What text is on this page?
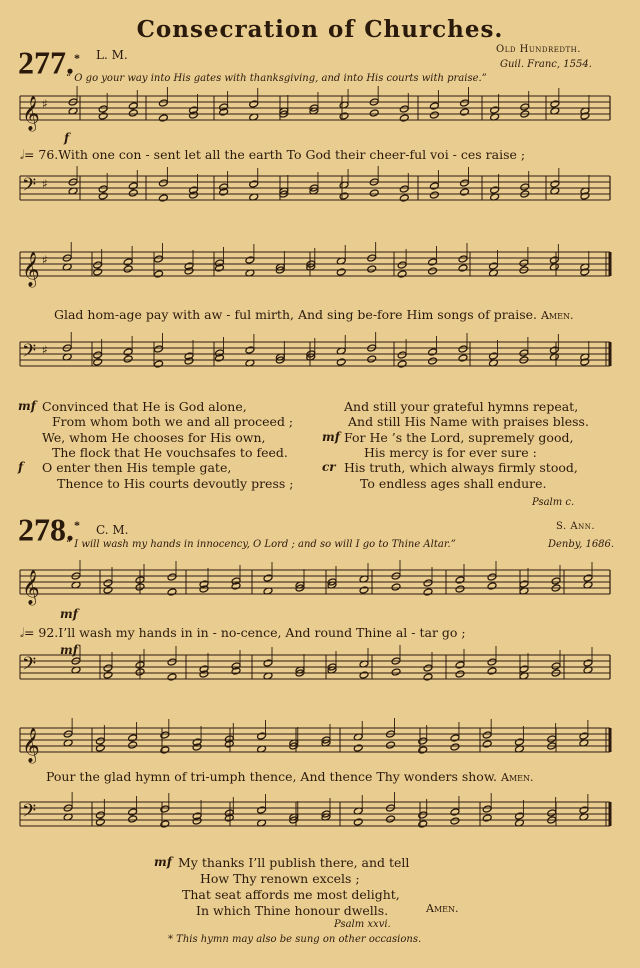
Consecration of Churches.
277.* L. M.	Old Hundredth.
Guil. Franc, 1554.
“ O go your way into His gates with thanksgiving, and into His courts with praise.”
f
𝅗𝅥= 76.With one con - sent let all the earth To God their cheer-ful voi - ces raise ;
Glad hom-age pay with aw - ful mirth, And sing be-fore Him songs of praise. Amen.
mf Convinced that He is God alone,
From whom both we and all proceed ;
We, whom He chooses for His own,
The flock that He vouchsafes to feed.
f O enter then His temple gate,
Thence to His courts devoutly press ;
And still your grateful hymns repeat,
And still His Name with praises bless.
mf For He ’s the Lord, supremely good,
His mercy is for ever sure :
cr His truth, which always firmly stood,
To endless ages shall endure.
Psalm c.
278.* C. M.	S. Ann.
“ I will wash my hands in innocency, O Lord ; and so will I go to Thine Altar.”	Denby, 1686.
mf
𝅗𝅥= 92.I’ll wash my hands in in - no-cence, And round Thine al - tar go ;
mf
Pour the glad hymn of tri-umph thence, And thence Thy wonders show. Amen.
mf My thanks I’ll publish there, and tell
How Thy renown excels ;
That seat affords me most delight,
In which Thine honour dwells.	Amen.
Psalm xxvi.
* This hymn may also be sung on other occasions.
𝄞 ♯
𝄢 ♯
𝄞 ♯
𝄢 ♯
𝄞
𝄢
𝄞
𝄢
